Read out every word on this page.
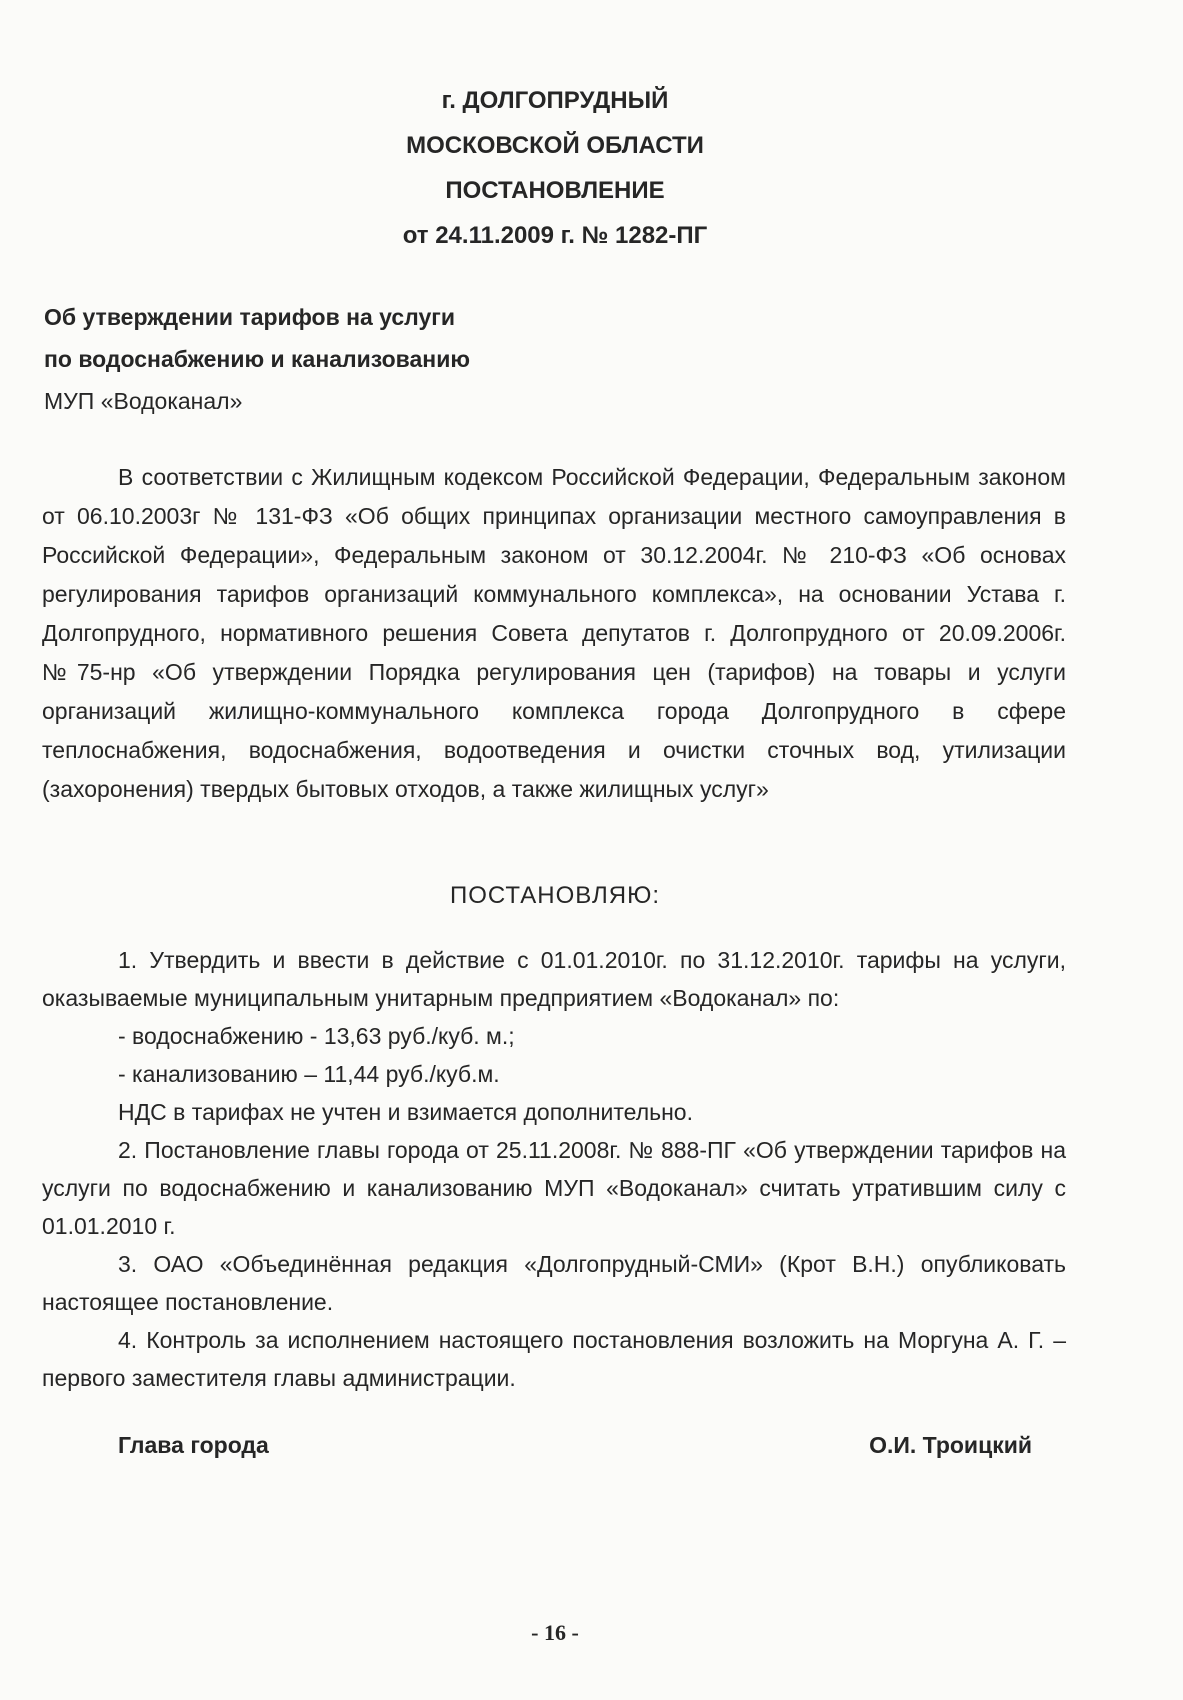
г. ДОЛГОПРУДНЫЙ

МОСКОВСКОЙ ОБЛАСТИ

ПОСТАНОВЛЕНИЕ

от 24.11.2009 г. № 1282-ПГ

Об утверждении тарифов на услуги

по водоснабжению и канализованию

МУП «Водоканал»

В соответствии с Жилищным кодексом Российской Федерации, Федеральным законом от 06.10.2003г № 131-ФЗ «Об общих принципах организации местного самоуправления в Российской Федерации», Федеральным законом от 30.12.2004г. № 210-ФЗ «Об основах регулирования тарифов организаций коммунального комплекса», на основании Устава г. Долгопрудного, нормативного решения Совета депутатов г. Долгопрудного от 20.09.2006г. №75-нр «Об утверждении Порядка регулирования цен (тарифов) на товары и услуги организаций жилищно-коммунального комплекса города Долгопрудного в сфере теплоснабжения, водоснабжения, водоотведения и очистки сточных вод, утилизации (захоронения) твердых бытовых отходов, а также жилищных услуг»

ПОСТАНОВЛЯЮ:

1. Утвердить и ввести в действие с 01.01.2010г. по 31.12.2010г. тарифы на услуги, оказываемые муниципальным унитарным предприятием «Водоканал» по:

- водоснабжению - 13,63 руб./куб. м.;

- канализованию – 11,44 руб./куб.м.

НДС в тарифах не учтен и взимается дополнительно.

2. Постановление главы города от 25.11.2008г. № 888-ПГ «Об утверждении тарифов на услуги по водоснабжению и канализованию МУП «Водоканал» считать утратившим силу с 01.01.2010 г.

3. ОАО «Объединённая редакция «Долгопрудный-СМИ» (Крот В.Н.) опубликовать настоящее постановление.

4. Контроль за исполнением настоящего постановления возложить на Моргуна А. Г. – первого заместителя главы администрации.

Глава города	О.И. Троицкий
- 16 -
